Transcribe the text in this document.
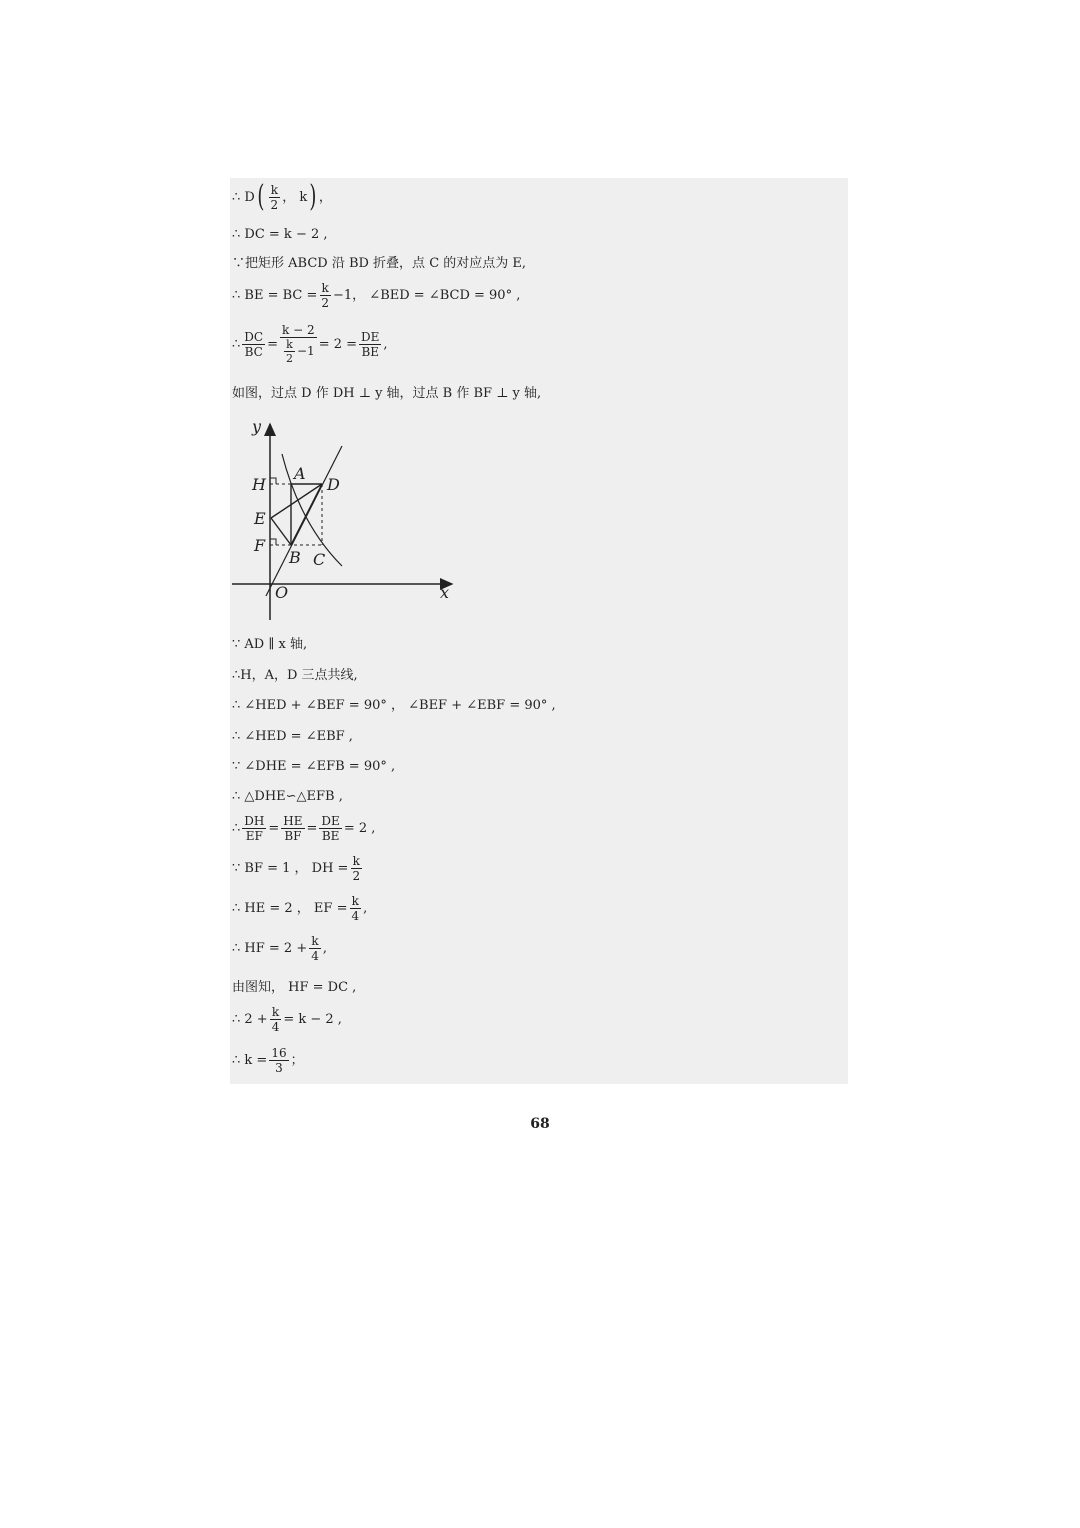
∴ D ( $\frac{k}{2}$ ， k ) ，
∴ DC = k − 2 ,
∵把矩形 ABCD 沿 BD 折叠，点 C 的对应点为 E,
∴ BE = BC = $\frac{k}{2} -1$， ∠BED = ∠BCD = 90° ,
∴ $\frac{DC}{BC} = \frac{k - 2}{\frac{k}{2} -1} = 2 = \frac{DE}{BE}$ ,
如图，过点 D 作 DH ⊥ y 轴，过点 B 作 BF ⊥ y 轴,
y
x
O
H
A
D
E
F
B C
∵ AD ∥ x 轴,
∴H，A，D 三点共线,
∴ ∠HED + ∠BEF = 90° ， ∠BEF + ∠EBF = 90° ,
∴ ∠HED = ∠EBF ,
∵ ∠DHE = ∠EFB = 90° ,
∴ △DHE∽△EFB ,
∴ $\frac{DH}{EF} = \frac{HE}{BF} = \frac{DE}{BE} = 2$ ,
∵ BF = 1 ， DH = $\frac{k}{2}$
∴ HE = 2 ， EF = $\frac{k}{4}$ ,
∴ HF = $2 + \frac{k}{4}$ ,
由图知， HF = DC ,
∴ $2 + \frac{k}{4} = k - 2$ ,
∴ $k = \frac{16}{3}$ ；
68
